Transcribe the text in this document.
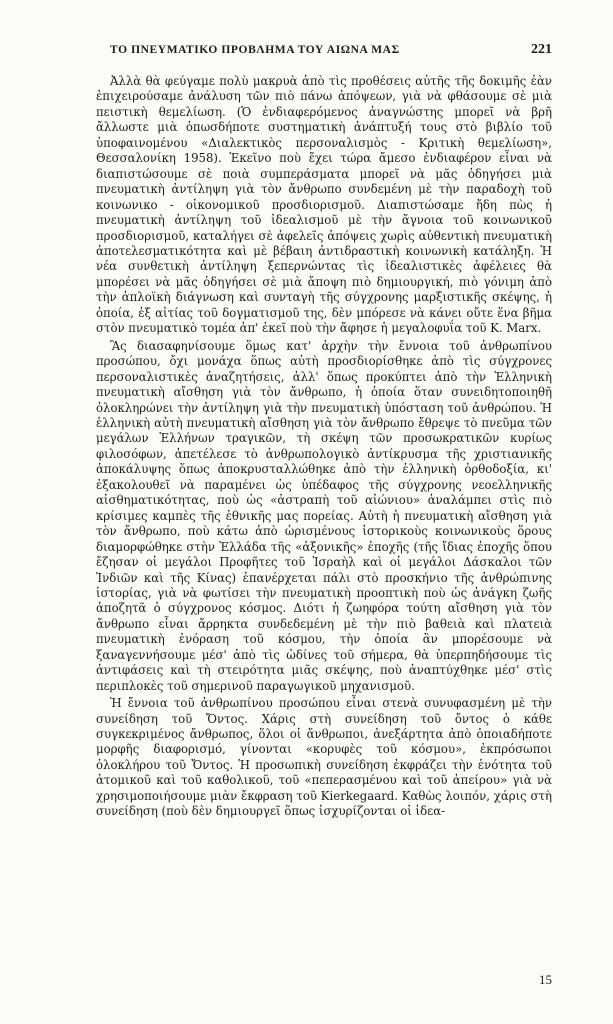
ΤΟ ΠΝΕΥΜΑΤΙΚΟ ΠΡΟΒΛΗΜΑ ΤΟΥ ΑΙΩΝΑ ΜΑΣ	221

Ἀλλὰ θὰ φεύγαμε πολὺ μακρυὰ ἀπὸ τὶς προθέσεις αὐτῆς τῆς δοκιμῆς ἐὰν ἐπιχειρούσαμε ἀνάλυση τῶν πιὸ πάνω ἀπόψεων, γιὰ νὰ φθάσουμε σὲ μιὰ πειστικὴ θεμελίωση. (Ὁ ἐνδιαφερόμενος ἀναγνώστης μπορεῖ νὰ βρῆ ἄλλωστε μιὰ ὁπωσδήποτε συστηματικὴ ἀνάπτυξή τους στὸ βιβλίο τοῦ ὑποφαινομένου «Διαλεκτικὸς περσοναλισμὸς - Κριτικὴ θεμελίωση», Θεσσαλονίκη 1958). Ἐκεῖνο ποὺ ἔχει τώρα ἄμεσο ἐνδιαφέρον εἶναι νὰ διαπιστώσουμε σὲ ποιὰ συμπεράσματα μπορεῖ νὰ μᾶς ὁδηγήσει μιὰ πνευματικὴ ἀντίληψη γιὰ τὸν ἄνθρωπο συνδεμένη μὲ τὴν παραδοχὴ τοῦ κοινωνικο - οἰκονομικοῦ προσδιορισμοῦ. Διαπιστώσαμε ἤδη πὼς ἡ πνευματικὴ ἀντίληψη τοῦ ἰδεαλισμοῦ μὲ τὴν ἄγνοια τοῦ κοινωνικοῦ προσδιορισμοῦ, καταλήγει σὲ ἀφελεῖς ἀπόψεις χωρὶς αὐθεντικὴ πνευματικὴ ἀποτελεσματικότητα καὶ μὲ βέβαιη ἀντιδραστικὴ κοινωνικὴ κατάληξη. Ἡ νέα συνθετικὴ ἀντίληψη ξεπερνώντας τὶς ἰδεαλιστικὲς ἀφέλειες θὰ μπορέσει νὰ μᾶς ὁδηγήσει σὲ μιὰ ἄποψη πιὸ δημιουργική, πιὸ γόνιμη ἀπὸ τὴν ἁπλοϊκὴ διάγνωση καὶ συνταγὴ τῆς σύγχρονης μαρξιστικῆς σκέψης, ἡ ὁποία, ἐξ αἰτίας τοῦ δογματισμοῦ της, δὲν μπόρεσε νὰ κάνει οὔτε ἕνα βῆμα στὸν πνευματικὸ τομέα ἀπ' ἐκεῖ ποὺ τὴν ἄφησε ἡ μεγαλοφυΐα τοῦ Κ. Marx.

Ἂς διασαφηνίσουμε ὅμως κατ' ἀρχὴν τὴν ἔννοια τοῦ ἀνθρωπίνου προσώπου, ὄχι μονάχα ὅπως αὐτὴ προσδιορίσθηκε ἀπὸ τὶς σύγχρονες περσοναλιστικὲς ἀναζητήσεις, ἀλλ' ὅπως προκύπτει ἀπὸ τὴν Ἑλληνικὴ πνευματικὴ αἴσθηση γιὰ τὸν ἄνθρωπο, ἡ ὁποία ὅταν συνειδητοποιηθῆ ὁλοκληρώνει τὴν ἀντίληψη γιὰ τὴν πνευματικὴ ὑπόσταση τοῦ ἀνθρώπου. Ἡ ἑλληνικὴ αὐτὴ πνευματικὴ αἴσθηση γιὰ τὸν ἄνθρωπο ἔθρεψε τὸ πνεῦμα τῶν μεγάλων Ἑλλήνων τραγικῶν, τὴ σκέψη τῶν προσωκρατικῶν κυρίως φιλοσόφων, ἀπετέλεσε τὸ ἀνθρωπολογικὸ ἀντίκρυσμα τῆς χριστιανικῆς ἀποκάλυψης ὅπως ἀποκρυσταλλώθηκε ἀπὸ τὴν ἑλληνικὴ ὀρθοδοξία, κι' ἐξακολουθεῖ νὰ παραμένει ὡς ὑπέδαφος τῆς σύγχρονης νεοελληνικῆς αἰσθηματικότητας, ποὺ ὡς «ἀστραπὴ τοῦ αἰώνιου» ἀναλάμπει στὶς πιὸ κρίσιμες καμπὲς τῆς ἐθνικῆς μας πορείας. Αὐτὴ ἡ πνευματικὴ αἴσθηση γιὰ τὸν ἄνθρωπο, ποὺ κάτω ἀπὸ ὡρισμένους ἱστορικοὺς κοινωνικοὺς ὅρους διαμορφώθηκε στὴν Ἑλλάδα τῆς «ἀξονικῆς» ἐποχῆς (τῆς ἴδιας ἐποχῆς ὅπου ἔζησαν οἱ μεγάλοι Προφῆτες τοῦ Ἰσραὴλ καὶ οἱ μεγάλοι Δάσκαλοι τῶν Ἰνδιῶν καὶ τῆς Κίνας) ἐπανέρχεται πάλι στὸ προσκήνιο τῆς ἀνθρώπινης ἱστορίας, γιὰ νὰ φωτίσει τὴν πνευματικὴ προοπτικὴ ποὺ ὡς ἀνάγκη ζωῆς ἀποζητᾶ ὁ σύγχρονος κόσμος. Διότι ἡ ζωηφόρα τούτη αἴσθηση γιὰ τὸν ἄνθρωπο εἶναι ἄρρηκτα συνδεδεμένη μὲ τὴν πιὸ βαθειὰ καὶ πλατειὰ πνευματικὴ ἐνόραση τοῦ κόσμου, τὴν ὁποία ἂν μπορέσουμε νὰ ξαναγεννήσουμε μέσ' ἀπὸ τὶς ὠδίνες τοῦ σήμερα, θὰ ὑπερπηδήσουμε τὶς ἀντιφάσεις καὶ τὴ στειρότητα μιᾶς σκέψης, ποὺ ἀναπτύχθηκε μέσ' στὶς περιπλοκὲς τοῦ σημερινοῦ παραγωγικοῦ μηχανισμοῦ.

Ἡ ἔννοια τοῦ ἀνθρωπίνου προσώπου εἶναι στενὰ συνυφασμένη μὲ τὴν συνείδηση τοῦ Ὄντος. Χάρις στὴ συνείδηση τοῦ ὄντος ὁ κάθε συγκεκριμένος ἄνθρωπος, ὅλοι οἱ ἄνθρωποι, ἀνεξάρτητα ἀπὸ ὁποιαδήποτε μορφῆς διαφορισμό, γίνονται «κορυφὲς τοῦ κόσμου», ἐκπρόσωποι ὁλοκλήρου τοῦ Ὄντος. Ἡ προσωπικὴ συνείδηση ἐκφράζει τὴν ἑνότητα τοῦ ἀτομικοῦ καὶ τοῦ καθολικοῦ, τοῦ «πεπερασμένου καὶ τοῦ ἀπείρου» γιὰ νὰ χρησιμοποιήσουμε μιὰν ἔκφραση τοῦ Kierkegaard. Καθὼς λοιπόν, χάρις στὴ συνείδηση (ποὺ δὲν δημιουργεῖ ὅπως ἰσχυρίζονται οἱ ἰδεα-

15
